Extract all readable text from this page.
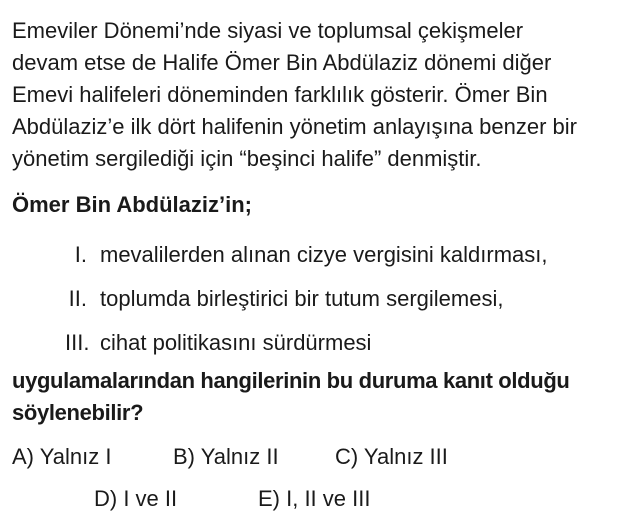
Emeviler Dönemi’nde siyasi ve toplumsal çekişmeler
devam etse de Halife Ömer Bin Abdülaziz dönemi diğer
Emevi halifeleri döneminden farklılık gösterir. Ömer Bin
Abdülaziz’e ilk dört halifenin yönetim anlayışına benzer bir
yönetim sergilediği için “beşinci halife” denmiştir.
Ömer Bin Abdülaziz’in;
I. mevalilerden alınan cizye vergisini kaldırması,
II. toplumda birleştirici bir tutum sergilemesi,
III. cihat politikasını sürdürmesi
uygulamalarından hangilerinin bu duruma kanıt olduğu
söylenebilir?
A) Yalnız I	B) Yalnız II	C) Yalnız III
D) I ve II	E) I, II ve III
